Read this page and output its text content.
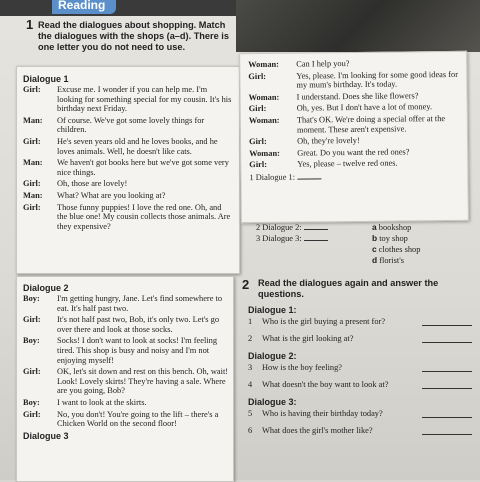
Reading
1 Read the dialogues about shopping. Match the dialogues with the shops (a–d). There is one letter you do not need to use.
Dialogue 1
Girl:	Excuse me. I wonder if you can help me. I'm looking for something special for my cousin. It's his birthday next Friday.
Man:	Of course. We've got some lovely things for children.
Girl:	He's seven years old and he loves books, and he loves animals. Well, he doesn't like cats.
Man:	We haven't got books here but we've got some very nice things.
Girl:	Oh, those are lovely!
Man:	What? What are you looking at?
Girl:	Those funny puppies! I love the red one. Oh, and the blue one! My cousin collects those animals. Are they expensive?
Woman:	Can I help you?
Girl:	Yes, please. I'm looking for some good ideas for my mum's birthday. It's today.
Woman:	I understand. Does she like flowers?
Girl:	Oh, yes. But I don't have a lot of money.
Woman:	That's OK. We're doing a special offer at the moment. These aren't expensive.
Girl:	Oh, they're lovely!
Woman:	Great. Do you want the red ones?
Girl:	Yes, please – twelve red ones.
1 Dialogue 1:
2 Dialogue 2:	a bookshop
3 Dialogue 3:	b toy shop
c clothes shop
d florist's
Dialogue 2
Boy:	I'm getting hungry, Jane. Let's find somewhere to eat. It's half past two.
Girl:	It's not half past two, Bob, it's only two. Let's go over there and look at those socks.
Boy:	Socks! I don't want to look at socks! I'm feeling tired. This shop is busy and noisy and I'm not enjoying myself!
Girl:	OK, let's sit down and rest on this bench. Oh, wait! Look! Lovely skirts! They're having a sale. Where are you going, Bob?
Boy:	I want to look at the skirts.
Girl:	No, you don't! You're going to the lift – there's a Chicken World on the second floor!
Dialogue 3
2 Read the dialogues again and answer the questions.
Dialogue 1:
1	Who is the girl buying a present for?
2	What is the girl looking at?
Dialogue 2:
3	How is the boy feeling?
4	What doesn't the boy want to look at?
Dialogue 3:
5	Who is having their birthday today?
6	What does the girl's mother like?
